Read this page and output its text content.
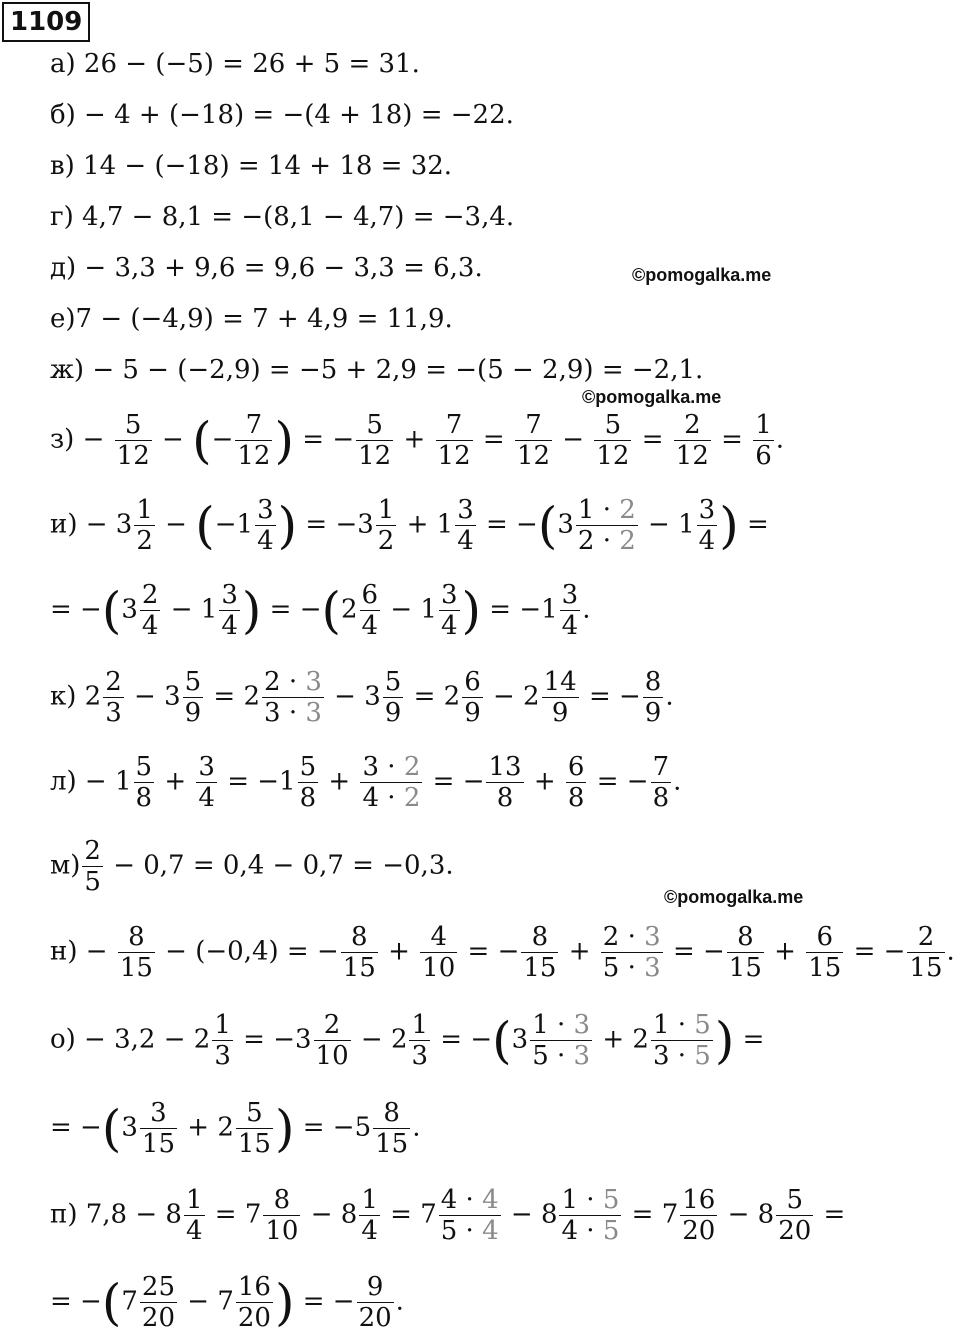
1109
а) 26 − (−5) = 26 + 5 = 31.
б) − 4 + (−18) = −(4 + 18) = −22.
в) 14 − (−18) = 14 + 18 = 32.
г) 4,7 − 8,1 = −(8,1 − 4,7) = −3,4.
д) − 3,3 + 9,6 = 9,6 − 3,3 = 6,3.
е)7 − (−4,9) = 7 + 4,9 = 11,9.
ж) − 5 − (−2,9) = −5 + 2,9 = −(5 − 2,9) = −2,1.
©pomogalka.me
©pomogalka.me
©pomogalka.me
$з) - \frac{5}{12}$ − (− $\frac{7}{12}$ ) = − $\frac{5}{12} + \frac{7}{12} = \frac{7}{12} - \frac{5}{12} = \frac{2}{12} = \frac{1}{6}$ .
$и) - 3 \frac{1}{2} - (-1 \frac{3}{4}$ ) = $-3 \frac{1}{2} + 1 \frac{3}{4} = -(3 \frac{1 \cdot 2}{2 \cdot 2} - 1 \frac{3}{4}$ ) =
= $-(3 \frac{2}{4} - 1 \frac{3}{4}$ ) = $-(2 \frac{6}{4} - 1 \frac{3}{4}$ ) = $-1 \frac{3}{4}$ .
к) $2 \frac{2}{3} - 3 \frac{5}{9} = 2 \frac{2 \cdot 3}{3 \cdot 3} - 3 \frac{5}{9} = 2 \frac{6}{9} - 2 \frac{14}{9}$ = − $\frac{8}{9}$ .
$л) - 1 \frac{5}{8} + \frac{3}{4} = -1 \frac{5}{8} + \frac{3 \cdot 2}{4 \cdot 2}$ = − $\frac{13}{8} + \frac{6}{8}$ = − $\frac{7}{8}$ .
$м) \frac{2}{5} - 0,7 = 0,4 - 0,7 = -0,3$.
$н) - \frac{8}{15} - (-0,4)$ = − $\frac{8}{15} + \frac{4}{10}$ = − $\frac{8}{15} + \frac{2 \cdot 3}{5 \cdot 3}$ = − $\frac{8}{15} + \frac{6}{15}$ = − $\frac{2}{15}$ .
$о) - 3,2 - 2 \frac{1}{3} = -3 \frac{2}{10} - 2 \frac{1}{3} = -(3 \frac{1 \cdot 3}{5 \cdot 3} + 2 \frac{1 \cdot 5}{3 \cdot 5}$ ) =
= $-(3 \frac{3}{15} + 2 \frac{5}{15}$ ) = $-5 \frac{8}{15}$ .
п) $7,8 - 8 \frac{1}{4} = 7 \frac{8}{10} - 8 \frac{1}{4} = 7 \frac{4 \cdot 4}{5 \cdot 4} - 8 \frac{1 \cdot 5}{4 \cdot 5} = 7 \frac{16}{20} - 8 \frac{5}{20}$ =
= $-(7 \frac{25}{20} - 7 \frac{16}{20}$ ) = − $\frac{9}{20}$ .
